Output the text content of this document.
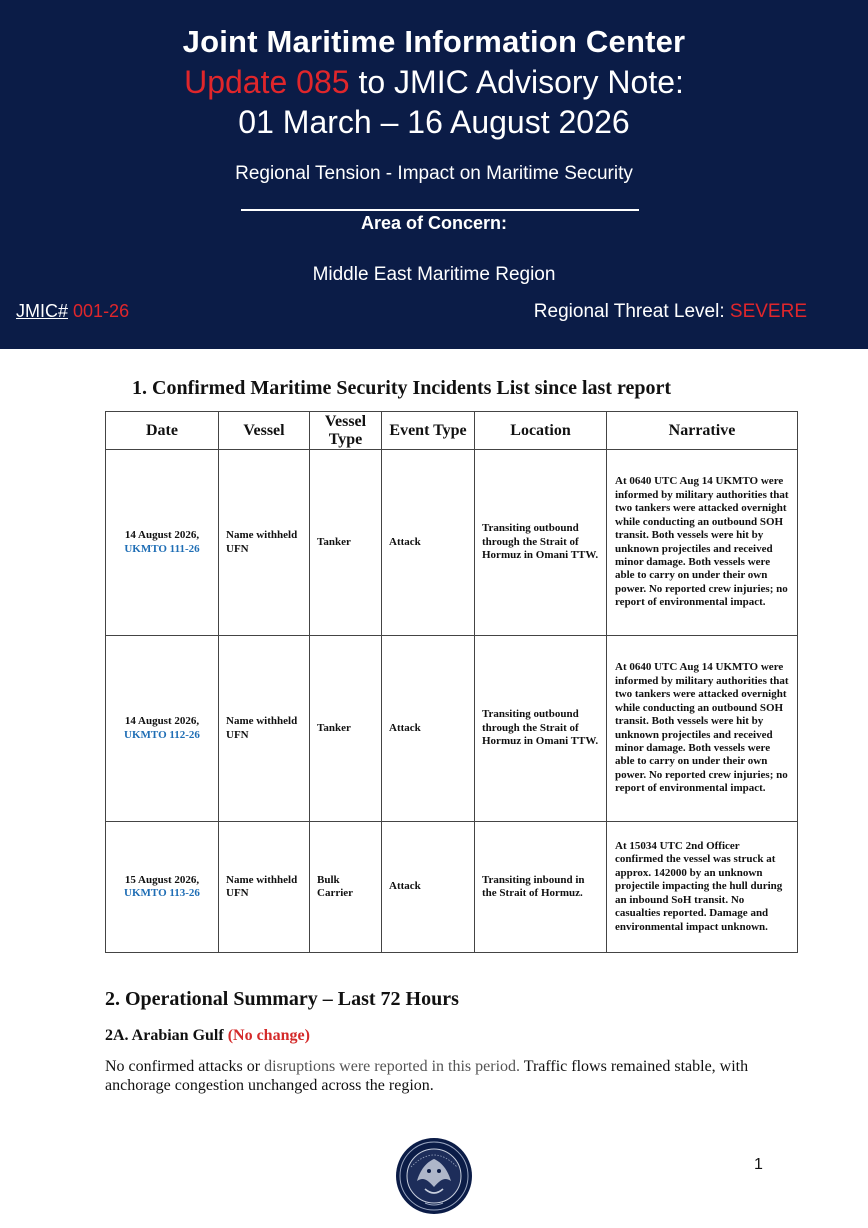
Joint Maritime Information Center
Update 085 to JMIC Advisory Note:
01 March – 16 August 2026
Regional Tension - Impact on Maritime Security
Area of Concern:
Middle East Maritime Region
JMIC# 001-26	Regional Threat Level: SEVERE
1. Confirmed Maritime Security Incidents List since last report
Date	Vessel	Vessel Type	Event Type	Location	Narrative
14 August 2026,
UKMTO 111-26	Name withheld UFN	Tanker	Attack	Transiting outbound through the Strait of Hormuz in Omani TTW.	At 0640 UTC Aug 14 UKMTO were informed by military authorities that two tankers were attacked overnight while conducting an outbound SOH transit. Both vessels were hit by unknown projectiles and received minor damage. Both vessels were able to carry on under their own power. No reported crew injuries; no report of environmental impact.
14 August 2026,
UKMTO 112-26	Name withheld UFN	Tanker	Attack	Transiting outbound through the Strait of Hormuz in Omani TTW.	At 0640 UTC Aug 14 UKMTO were informed by military authorities that two tankers were attacked overnight while conducting an outbound SOH transit. Both vessels were hit by unknown projectiles and received minor damage. Both vessels were able to carry on under their own power. No reported crew injuries; no report of environmental impact.
15 August 2026,
UKMTO 113-26	Name withheld UFN	Bulk Carrier	Attack	Transiting inbound in the Strait of Hormuz.	At 15034 UTC 2nd Officer confirmed the vessel was struck at approx. 142000 by an unknown projectile impacting the hull during an inbound SoH transit. No casualties reported. Damage and environmental impact unknown.
2. Operational Summary – Last 72 Hours
2A. Arabian Gulf (No change)
No confirmed attacks or disruptions were reported in this period. Traffic flows remained stable, with anchorage congestion unchanged across the region.
1
